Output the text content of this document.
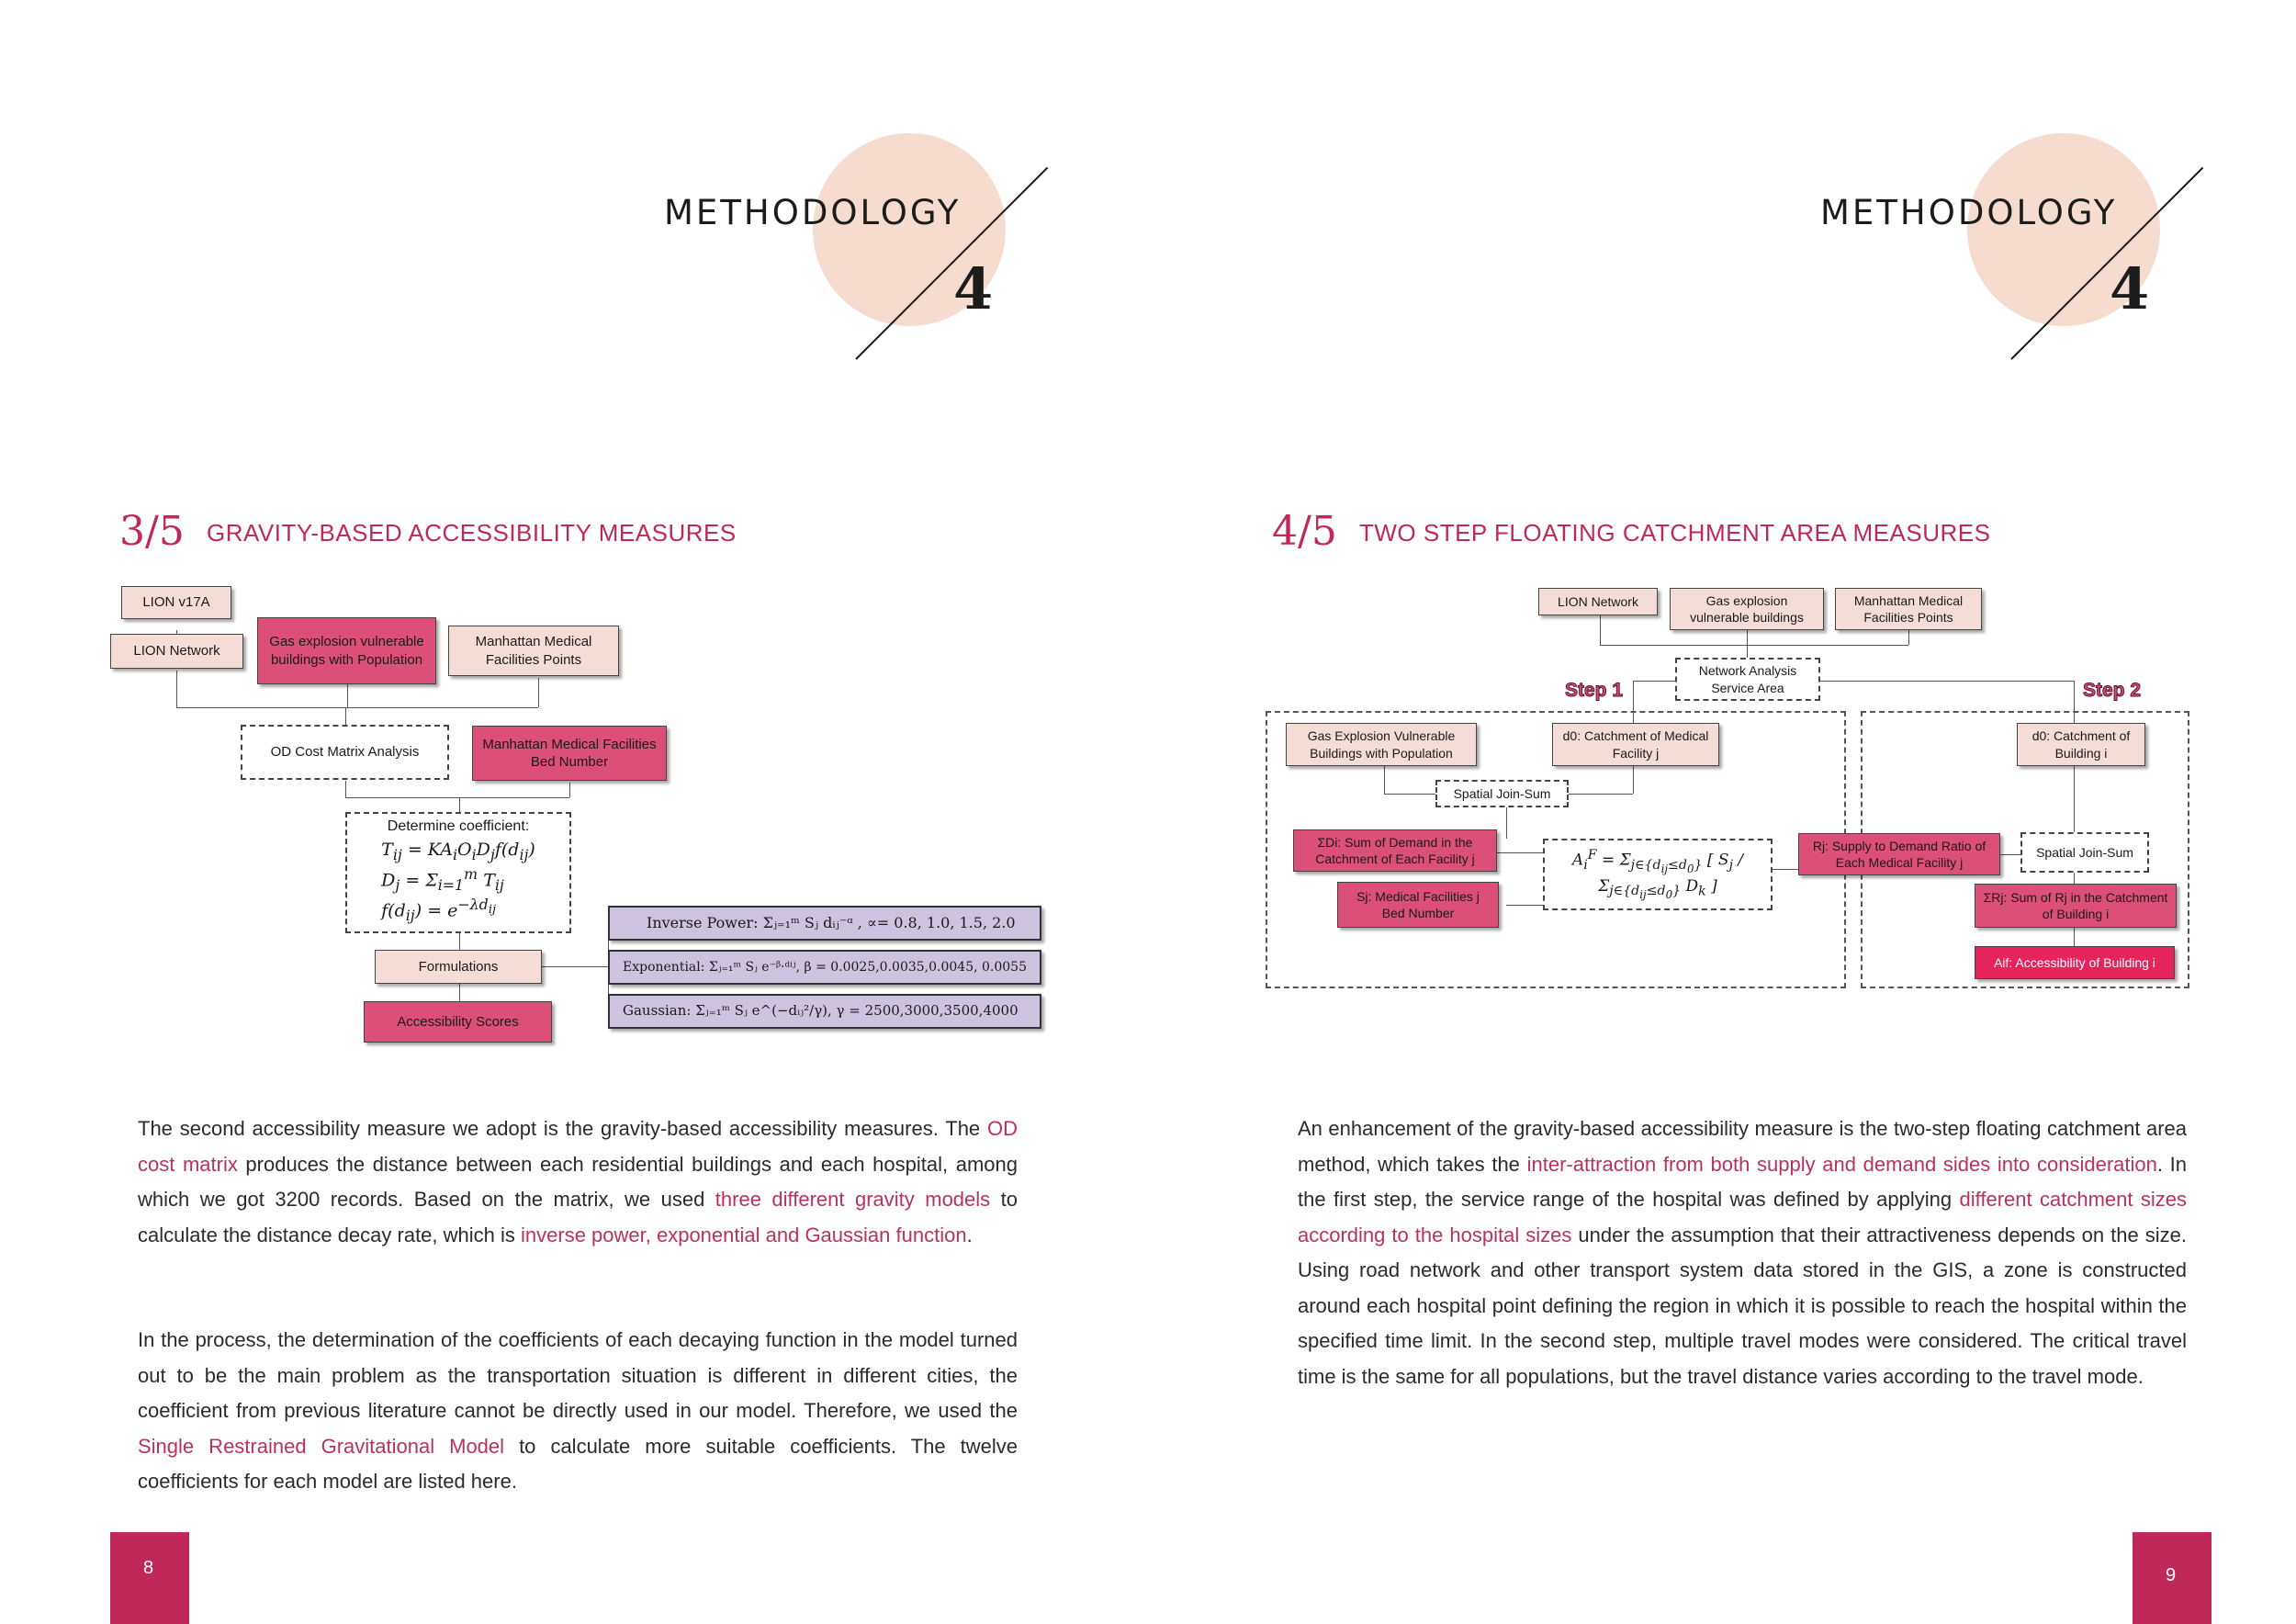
METHODOLOGY
4
METHODOLOGY
4
3/5 GRAVITY-BASED ACCESSIBILITY MEASURES	4/5 TWO STEP FLOATING CATCHMENT AREA MEASURES
LION v17A
LION Network
Gas explosion vulnerable buildings with Population
Manhattan Medical Facilities Points
OD Cost Matrix Analysis
Manhattan Medical Facilities Bed Number
Determine coefficient:
$T_{ij} = KA_iO_iD_jf(d_{ij})$
$D_j = \Sigma_{i=1}^m$ $T_{ij}$
$f(d_{ij}) = e^{-\lambda d_{ij}}$
Formulations
Accessibility Scores
Inverse Power: Σⱼ₌₁ᵐ Sⱼ dᵢⱼ⁻ᵅ , ∝= 0.8, 1.0, 1.5, 2.0
Exponential: Σⱼ₌₁ᵐ Sⱼ e⁻ᵝ·ᵈⁱʲ, β = 0.0025,0.0035,0.0045, 0.0055
Gaussian: Σⱼ₌₁ᵐ Sⱼ e^(−dᵢⱼ²/γ), γ = 2500,3000,3500,4000
Step 1	Step 2
LION Network	Gas explosion vulnerable buildings
Manhattan Medical Facilities Points
Network Analysis Service Area
Gas Explosion Vulnerable Buildings with Population
d0: Catchment of Medical Facility j
Spatial Join-Sum
ΣDi: Sum of Demand in the Catchment of Each Facility j
Sj: Medical Facilities j Bed Number
$A_i^F = \Sigma_{j\in\{d_{ij}\le d_0\}}$ [ $S_j / \Sigma_{j\in\{d_{ij}\le d_0\}}$ $D_k$ ]
Rj: Supply to Demand Ratio of Each Medical Facility j
d0: Catchment of Building i
Spatial Join-Sum
ΣRj: Sum of Rj in the Catchment of Building i
Aif: Accessibility of Building i
The second accessibility measure we adopt is the gravity-based accessibility measures. The OD cost matrix produces the distance between each residential buildings and each hospital, among which we got 3200 records. Based on the matrix, we used three different gravity models to calculate the distance decay rate, which is inverse power, exponential and Gaussian function.
In the process, the determination of the coefficients of each decaying function in the model turned out to be the main problem as the transportation situation is different in different cities, the coefficient from previous literature cannot be directly used in our model. Therefore, we used the Single Restrained Gravitational Model to calculate more suitable coefficients. The twelve coefficients for each model are listed here.
An enhancement of the gravity-based accessibility measure is the two-step floating catchment area method, which takes the inter-attraction from both supply and demand sides into consideration. In the first step, the service range of the hospital was defined by applying different catchment sizes according to the hospital sizes under the assumption that their attractiveness depends on the size. Using road network and other transport system data stored in the GIS, a zone is constructed around each hospital point defining the region in which it is possible to reach the hospital within the specified time limit. In the second step, multiple travel modes were considered. The critical travel time is the same for all populations, but the travel distance varies according to the travel mode.
8	9
